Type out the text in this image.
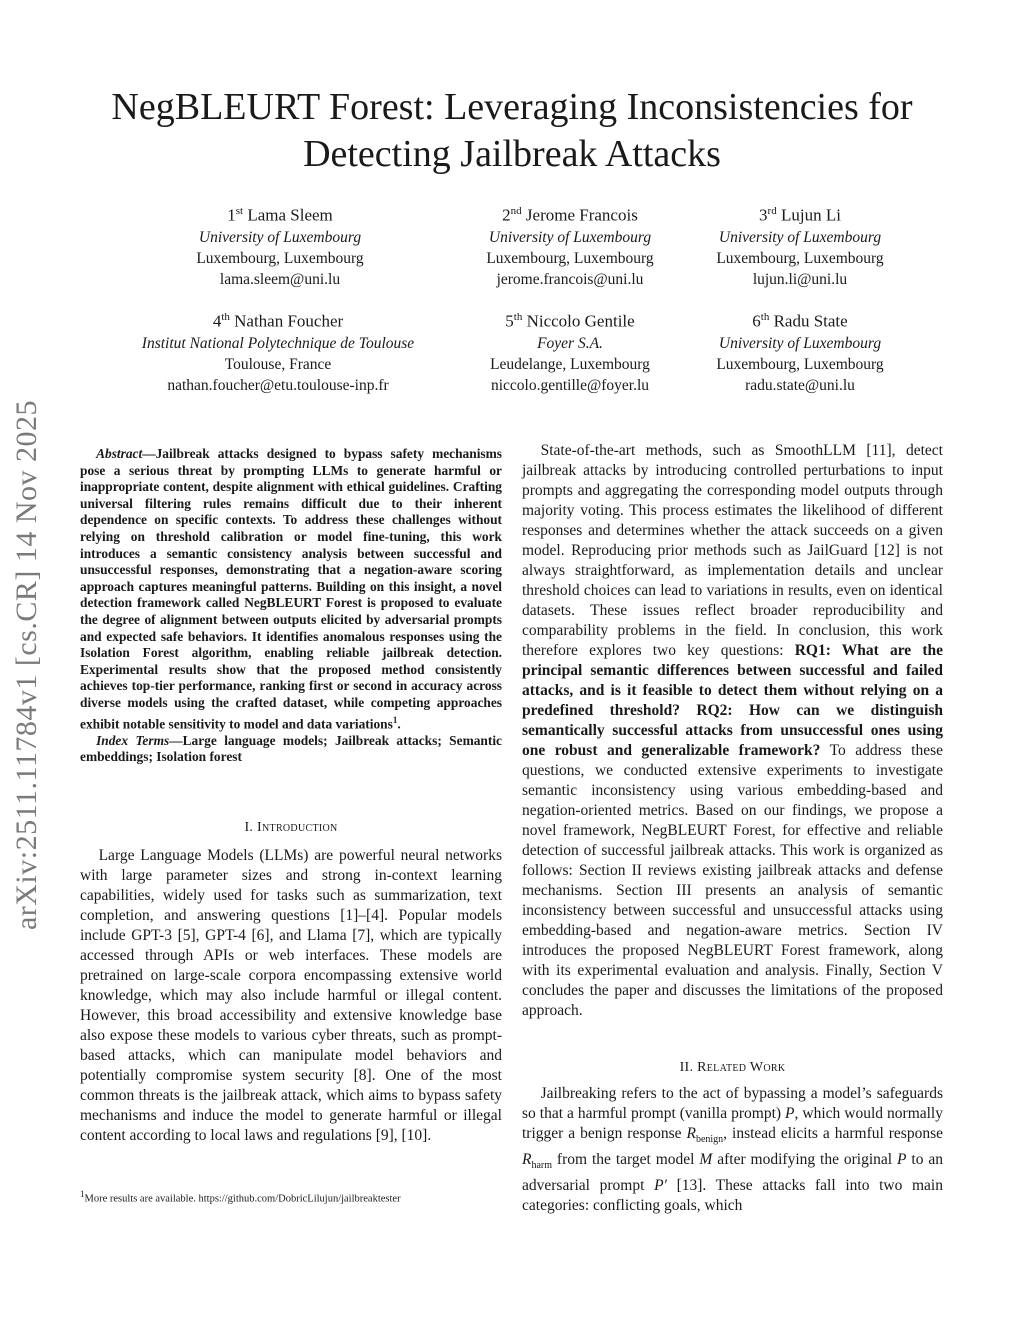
arXiv:2511.11784v1 [cs.CR] 14 Nov 2025
NegBLEURT Forest: Leveraging Inconsistencies for Detecting Jailbreak Attacks
1st Lama Sleem
University of Luxembourg
Luxembourg, Luxembourg
lama.sleem@uni.lu
2nd Jerome Francois
University of Luxembourg
Luxembourg, Luxembourg
jerome.francois@uni.lu
3rd Lujun Li
University of Luxembourg
Luxembourg, Luxembourg
lujun.li@uni.lu
4th Nathan Foucher
Institut National Polytechnique de Toulouse
Toulouse, France
nathan.foucher@etu.toulouse-inp.fr
5th Niccolo Gentile
Foyer S.A.
Leudelange, Luxembourg
niccolo.gentille@foyer.lu
6th Radu State
University of Luxembourg
Luxembourg, Luxembourg
radu.state@uni.lu

Abstract—Jailbreak attacks designed to bypass safety mechanisms pose a serious threat by prompting LLMs to generate harmful or inappropriate content, despite alignment with ethical guidelines. Crafting universal filtering rules remains difficult due to their inherent dependence on specific contexts. To address these challenges without relying on threshold calibration or model fine-tuning, this work introduces a semantic consistency analysis between successful and unsuccessful responses, demonstrating that a negation-aware scoring approach captures meaningful patterns. Building on this insight, a novel detection framework called NegBLEURT Forest is proposed to evaluate the degree of alignment between outputs elicited by adversarial prompts and expected safe behaviors. It identifies anomalous responses using the Isolation Forest algorithm, enabling reliable jailbreak detection. Experimental results show that the proposed method consistently achieves top-tier performance, ranking first or second in accuracy across diverse models using the crafted dataset, while competing approaches exhibit notable sensitivity to model and data variations$^1$.

Index Terms—Large language models; Jailbreak attacks; Semantic embeddings; Isolation forest

I. Introduction

Large Language Models (LLMs) are powerful neural networks with large parameter sizes and strong in-context learning capabilities, widely used for tasks such as summarization, text completion, and answering questions [1]–[4]. Popular models include GPT-3 [5], GPT-4 [6], and Llama [7], which are typically accessed through APIs or web interfaces. These models are pretrained on large-scale corpora encompassing extensive world knowledge, which may also include harmful or illegal content. However, this broad accessibility and extensive knowledge base also expose these models to various cyber threats, such as prompt-based attacks, which can manipulate model behaviors and potentially compromise system security [8]. One of the most common threats is the jailbreak attack, which aims to bypass safety mechanisms and induce the model to generate harmful or illegal content according to local laws and regulations [9], [10].

1More results are available. https://github.com/DobricLilujun/jailbreaktester

State-of-the-art methods, such as SmoothLLM [11], detect jailbreak attacks by introducing controlled perturbations to input prompts and aggregating the corresponding model outputs through majority voting. This process estimates the likelihood of different responses and determines whether the attack succeeds on a given model. Reproducing prior methods such as JailGuard [12] is not always straightforward, as implementation details and unclear threshold choices can lead to variations in results, even on identical datasets. These issues reflect broader reproducibility and comparability problems in the field. In conclusion, this work therefore explores two key questions: RQ1: What are the principal semantic differences between successful and failed attacks, and is it feasible to detect them without relying on a predefined threshold? RQ2: How can we distinguish semantically successful attacks from unsuccessful ones using one robust and generalizable framework? To address these questions, we conducted extensive experiments to investigate semantic inconsistency using various embedding-based and negation-oriented metrics. Based on our findings, we propose a novel framework, NegBLEURT Forest, for effective and reliable detection of successful jailbreak attacks. This work is organized as follows: Section II reviews existing jailbreak attacks and defense mechanisms. Section III presents an analysis of semantic inconsistency between successful and unsuccessful attacks using embedding-based and negation-aware metrics. Section IV introduces the proposed NegBLEURT Forest framework, along with its experimental evaluation and analysis. Finally, Section V concludes the paper and discusses the limitations of the proposed approach.

II. Related Work

Jailbreaking refers to the act of bypassing a model’s safeguards so that a harmful prompt (vanilla prompt) P, which would normally trigger a benign response $R_{benign}$, instead elicits a harmful response $R_{harm}$ from the target model M after modifying the original P to an adversarial prompt P′ [13]. These attacks fall into two main categories: conflicting goals, which
